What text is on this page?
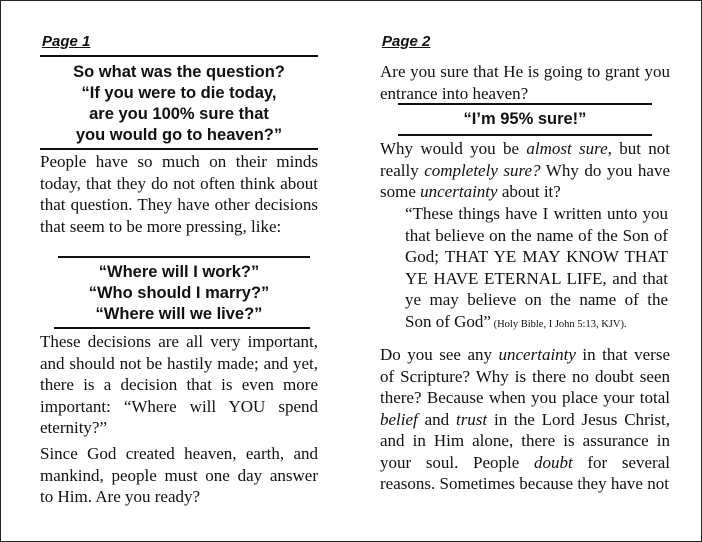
Page 1
So what was the question?
“If you were to die today,
are you 100% sure that
you would go to heaven?”

People have so much on their minds today, that they do not often think about that question. They have other decisions that seem to be more pressing, like:

“Where will I work?”
“Who should I marry?”
“Where will we live?”

These decisions are all very important, and should not be hastily made; and yet, there is a decision that is even more important: “Where will YOU spend eternity?”

Since God created heaven, earth, and mankind, people must one day answer to Him. Are you ready?

Page 2

Are you sure that He is going to grant you entrance into heaven?

“I’m 95% sure!”

Why would you be almost sure, but not really completely sure? Why do you have some uncertainty about it?

“These things have I written unto you that believe on the name of the Son of God; THAT YE MAY KNOW THAT YE HAVE ETERNAL LIFE, and that ye may believe on the name of the Son of God” (Holy Bible, I John 5:13, KJV).

Do you see any uncertainty in that verse of Scripture? Why is there no doubt seen there? Because when you place your total belief and trust in the Lord Jesus Christ, and in Him alone, there is assurance in your soul. People doubt for several reasons. Sometimes because they have not
